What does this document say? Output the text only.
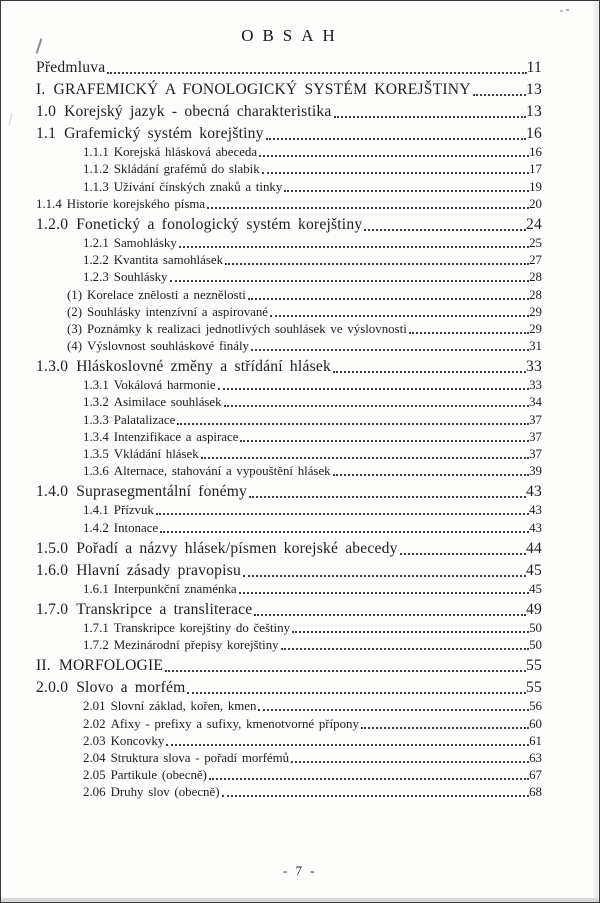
OBSAH
Předmluva	11
I. GRAFEMICKÝ A FONOLOGICKÝ SYSTÉM KOREJŠTINY	13
1.0 Korejský jazyk - obecná charakteristika	13
1.1 Grafemický systém korejštiny	16
1.1.1 Korejská hlásková abeceda	16
1.1.2 Skládání grafémů do slabik	17
1.1.3 Užívání čínských znaků a tinky	19
1.1.4 Historie korejského písma	20
1.2.0 Fonetický a fonologický systém korejštiny	24
1.2.1 Samohlásky	25
1.2.2 Kvantita samohlásek	27
1.2.3 Souhlásky	28
(1) Korelace znělosti a neznělosti	28
(2) Souhlásky intenzívní a aspirované	29
(3) Poznámky k realizaci jednotlivých souhlásek ve výslovnosti	29
(4) Výslovnost souhláskové finály	31
1.3.0 Hláskoslovné změny a střídání hlásek	33
1.3.1 Vokálová harmonie	33
1.3.2 Asimilace souhlásek	34
1.3.3 Palatalizace	37
1.3.4 Intenzifikace a aspirace	37
1.3.5 Vkládání hlásek	37
1.3.6 Alternace, stahování a vypouštění hlásek	39
1.4.0 Suprasegmentální fonémy	43
1.4.1 Přízvuk	43
1.4.2 Intonace	43
1.5.0 Pořadí a názvy hlásek/písmen korejské abecedy	44
1.6.0 Hlavní zásady pravopisu	45
1.6.1 Interpunkční znaménka	45
1.7.0 Transkripce a transliterace	49
1.7.1 Transkripce korejštiny do češtiny	50
1.7.2 Mezinárodní přepisy korejštiny	50
II. MORFOLOGIE	55
2.0.0 Slovo a morfém	55
2.01 Slovní základ, kořen, kmen	56
2.02 Afixy - prefixy a sufixy, kmenotvorné přípony	60
2.03 Koncovky	61
2.04 Struktura slova - pořadí morfémů	63
2.05 Partikule (obecně)	67
2.06 Druhy slov (obecně)	68
- 7 -
